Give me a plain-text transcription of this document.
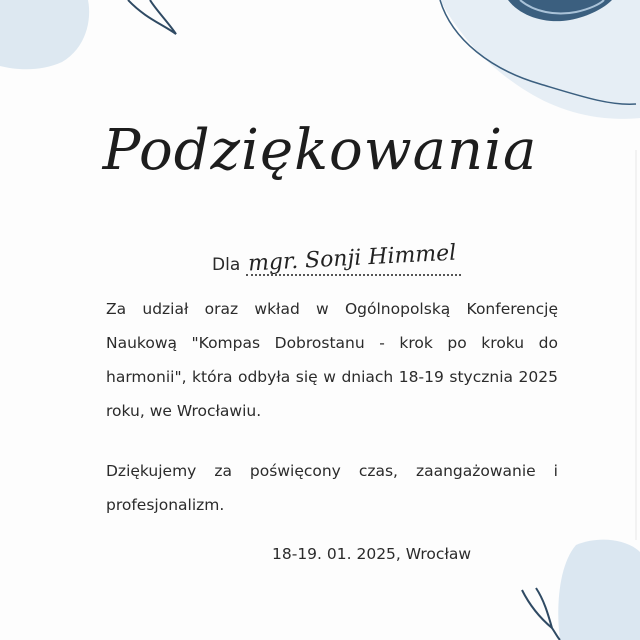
Podziękowania
Dla mgr. Sonji Himmel

Za udział oraz wkład w Ogólnopolską Konferencję Naukową "Kompas Dobrostanu - krok po kroku do harmonii", która odbyła się w dniach 18-19 stycznia 2025 roku, we Wrocławiu.

Dziękujemy za poświęcony czas, zaangażowanie i profesjonalizm.

18-19. 01. 2025, Wrocław
